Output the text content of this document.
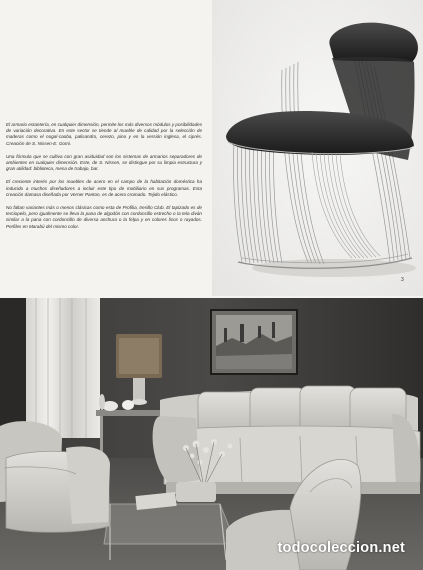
El armario estantería, en cualquier dimensión, permite los más diversos módulos y posibilidades de variación decorativa. En este sector se tiende al mueble de calidad por la selección de maderas como el nogal-caoba, palisandro, cerezo, pino y en la versión inglesa, el ciprés. Creación de S. Nissen-E. Gomi.

Una fórmula que se cultiva con gran asiduidad son los sistemas de armarios separadores de ambientes en cualquier dimensión. Este, de S. Nissen, se distingue por su limpia estructura y gran utilidad: biblioteca, mesa de trabajo, bar.

El creciente interés por los muebles de acero en el campo de la habitación doméstica ha inducido a muchos diseñadores a incluir este tipo de mobiliario en sus programas. Esta creación damasa diseñada por Verner Panton, es de acero cromado. Tejido elástico.

No faltan variantes más o menos clásicas como esta de Profilia, tresillo Club. El tapizado es de terciopelo, pero igualmente se lleva la pana de algodón con cordoncillo estrecho o la tela diván similar a la pana con cordoncillo de diversa anchura o la felpa y en colores lisos o rayados. Perfiles en Marabú del mismo color.

3
todocoleccion.net
